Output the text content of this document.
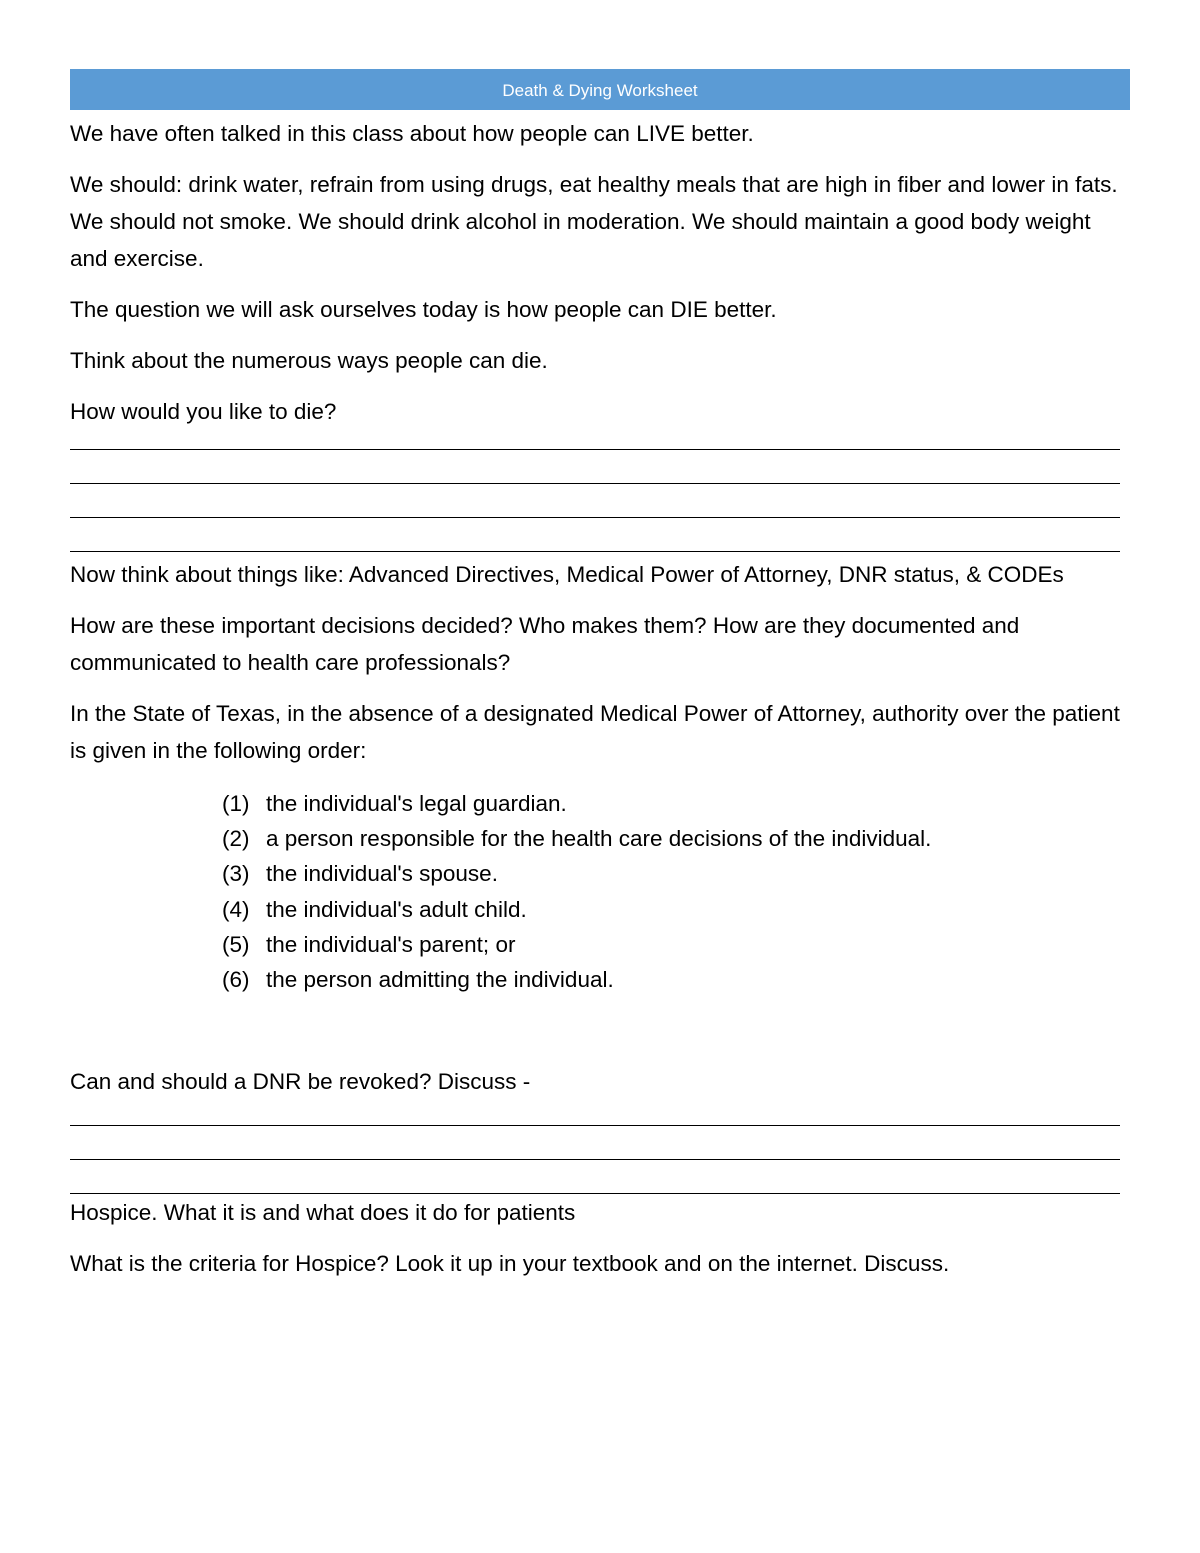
Death & Dying Worksheet

We have often talked in this class about how people can LIVE better.

We should: drink water, refrain from using drugs, eat healthy meals that are high in fiber and lower in fats. We should not smoke. We should drink alcohol in moderation. We should maintain a good body weight and exercise.

The question we will ask ourselves today is how people can DIE better.

Think about the numerous ways people can die.

How would you like to die?

Now think about things like: Advanced Directives, Medical Power of Attorney, DNR status, & CODEs

How are these important decisions decided? Who makes them? How are they documented and communicated to health care professionals?

In the State of Texas, in the absence of a designated Medical Power of Attorney, authority over the patient is given in the following order:

(1) the individual's legal guardian.
(2) a person responsible for the health care decisions of the individual.
(3) the individual's spouse.
(4) the individual's adult child.
(5) the individual's parent; or
(6) the person admitting the individual.

Can and should a DNR be revoked? Discuss -

Hospice. What it is and what does it do for patients

What is the criteria for Hospice? Look it up in your textbook and on the internet. Discuss.
